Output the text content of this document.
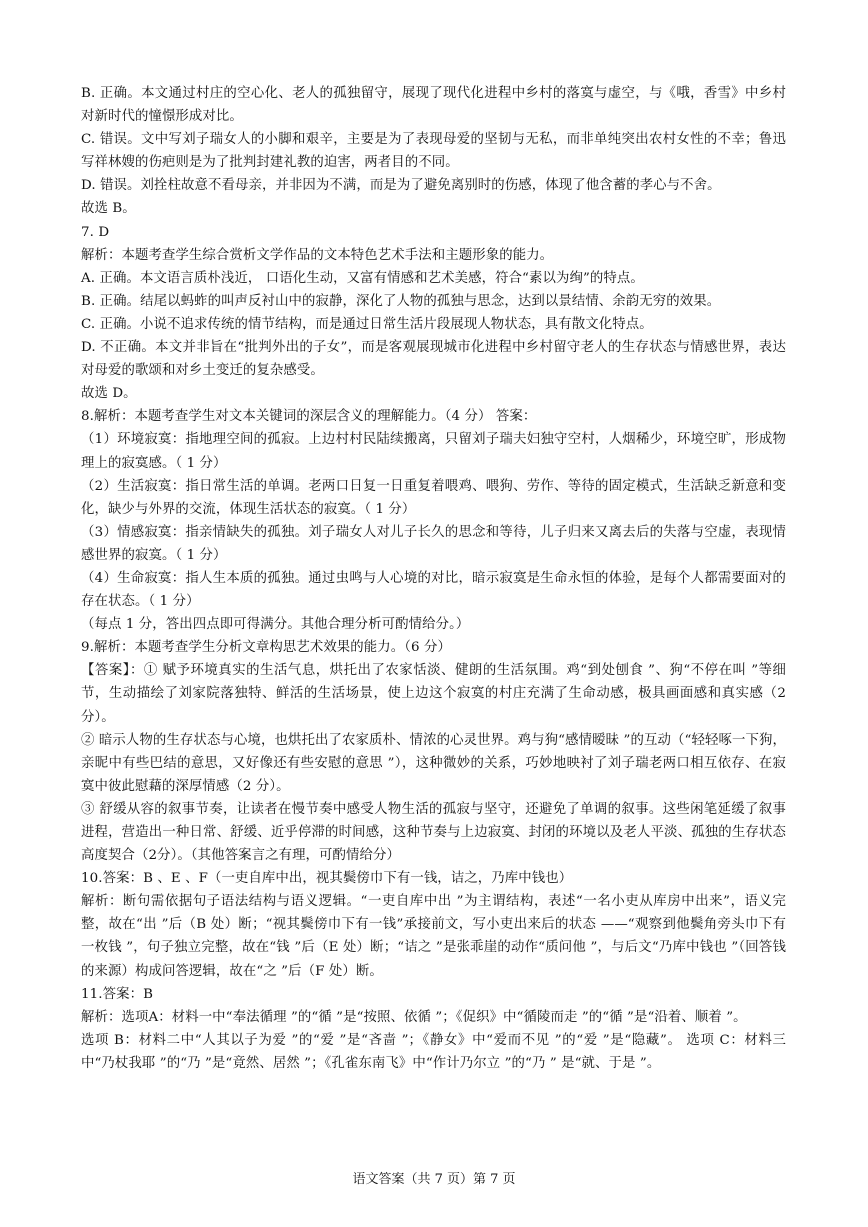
B. 正确。本文通过村庄的空心化、老人的孤独留守，展现了现代化进程中乡村的落寞与虚空，与《哦，香雪》中乡村对新时代的憧憬形成对比。

C. 错误。文中写刘子瑞女人的小脚和艰辛，主要是为了表现母爱的坚韧与无私，而非单纯突出农村女性的不幸；鲁迅写祥林嫂的伤疤则是为了批判封建礼教的迫害，两者目的不同。

D. 错误。刘拴柱故意不看母亲，并非因为不满，而是为了避免离别时的伤感，体现了他含蓄的孝心与不舍。

故选 B。

7. D

解析：本题考查学生综合赏析文学作品的文本特色艺术手法和主题形象的能力。

A. 正确。本文语言质朴浅近， 口语化生动，又富有情感和艺术美感，符合“素以为绚”的特点。

B. 正确。结尾以蚂蚱的叫声反衬山中的寂静，深化了人物的孤独与思念，达到以景结情、余韵无穷的效果。

C. 正确。小说不追求传统的情节结构，而是通过日常生活片段展现人物状态，具有散文化特点。

D. 不正确。本文并非旨在“批判外出的子女”，而是客观展现城市化进程中乡村留守老人的生存状态与情感世界，表达对母爱的歌颂和对乡土变迁的复杂感受。

故选 D。

8.解析：本题考查学生对文本关键词的深层含义的理解能力。（4 分） 答案：

（1）环境寂寞：指地理空间的孤寂。上边村村民陆续搬离，只留刘子瑞夫妇独守空村，人烟稀少，环境空旷，形成物理上的寂寞感。（ 1 分）

（2）生活寂寞：指日常生活的单调。老两口日复一日重复着喂鸡、喂狗、劳作、等待的固定模式，生活缺乏新意和变化，缺少与外界的交流，体现生活状态的寂寞。（ 1 分）

（3）情感寂寞：指亲情缺失的孤独。刘子瑞女人对儿子长久的思念和等待，儿子归来又离去后的失落与空虚，表现情感世界的寂寞。（ 1 分）

（4）生命寂寞：指人生本质的孤独。通过虫鸣与人心境的对比，暗示寂寞是生命永恒的体验，是每个人都需要面对的存在状态。（ 1 分）

（每点 1 分，答出四点即可得满分。其他合理分析可酌情给分。）

9.解析：本题考查学生分析文章构思艺术效果的能力。（6 分）

【答案】：① 赋予环境真实的生活气息，烘托出了农家恬淡、健朗的生活氛围。鸡“到处刨食 ”、狗“不停在叫 ”等细节，生动描绘了刘家院落独特、鲜活的生活场景，使上边这个寂寞的村庄充满了生命动感，极具画面感和真实感（2 分）。

② 暗示人物的生存状态与心境，也烘托出了农家质朴、情浓的心灵世界。鸡与狗“感情暧昧 ”的互动（“轻轻啄一下狗，亲昵中有些巴结的意思，又好像还有些安慰的意思 ”），这种微妙的关系，巧妙地映衬了刘子瑞老两口相互依存、在寂寞中彼此慰藉的深厚情感（2 分）。

③ 舒缓从容的叙事节奏，让读者在慢节奏中感受人物生活的孤寂与坚守，还避免了单调的叙事。这些闲笔延缓了叙事进程，营造出一种日常、舒缓、近乎停滞的时间感，这种节奏与上边寂寞、封闭的环境以及老人平淡、孤独的生存状态高度契合（2分）。（其他答案言之有理，可酌情给分）

10.答案：B 、E 、F（一吏自库中出，视其鬓傍巾下有一钱，诘之，乃库中钱也）

解析：断句需依据句子语法结构与语义逻辑。“一吏自库中出 ”为主谓结构，表述“一名小吏从库房中出来”，语义完整，故在“出 ”后（B 处）断；“视其鬓傍巾下有一钱”承接前文，写小吏出来后的状态 ——“观察到他鬓角旁头巾下有一枚钱 ”，句子独立完整，故在“钱 ”后（E 处）断；“诘之 ”是张乖崖的动作“质问他 ”，与后文“乃库中钱也 ”（回答钱的来源）构成问答逻辑，故在“之 ”后（F 处）断。

11.答案：B

解析：选项A：材料一中“奉法循理 ”的“循 ”是“按照、依循 ”；《促织》中“循陵而走 ”的“循 ”是“沿着、顺着 ”。

选项 B：材料二中“人其以子为爱 ”的“爱 ”是“吝啬 ”；《静女》中“爱而不见 ”的“爱 ”是“隐藏”。 选项 C：材料三中“乃杖我耶 ”的“乃 ”是“竟然、居然 ”；《孔雀东南飞》中“作计乃尔立 ”的“乃 ” 是“就、于是 ”。

语文答案（共 7 页）第 7 页
